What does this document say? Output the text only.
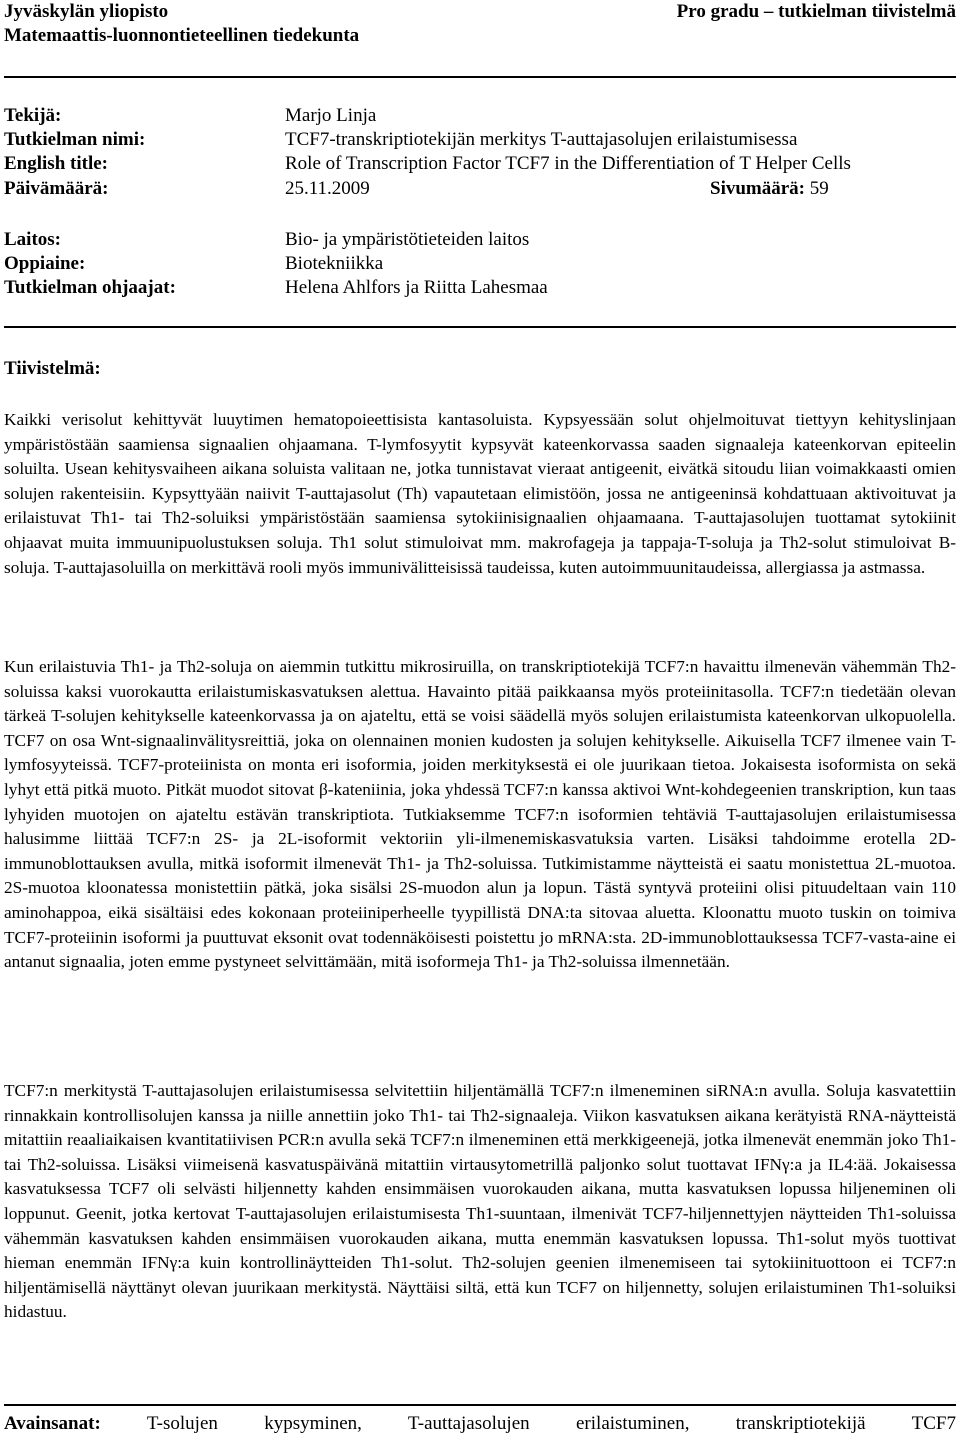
Jyväskylän yliopisto
Matemaattis-luonnontieteellinen tiedekunta
Pro gradu – tutkielman tiivistelmä
Tekijä:	Marjo Linja
Tutkielman nimi:	TCF7-transkriptiotekijän merkitys T-auttajasolujen erilaistumisessa
English title:	Role of Transcription Factor TCF7 in the Differentiation of T Helper Cells
Päivämäärä:	25.11.2009	Sivumäärä: 59
Laitos:	Bio- ja ympäristötieteiden laitos
Oppiaine:	Biotekniikka
Tutkielman ohjaajat:	Helena Ahlfors ja Riitta Lahesmaa
Tiivistelmä:

Kaikki verisolut kehittyvät luuytimen hematopoieettisista kantasoluista. Kypsyessään solut ohjelmoituvat tiettyyn kehityslinjaan ympäristöstään saamiensa signaalien ohjaamana. T-lymfosyytit kypsyvät kateenkorvassa saaden signaaleja kateenkorvan epiteelin soluilta. Usean kehitysvaiheen aikana soluista valitaan ne, jotka tunnistavat vieraat antigeenit, eivätkä sitoudu liian voimakkaasti omien solujen rakenteisiin. Kypsyttyään naiivit T-auttajasolut (Th) vapautetaan elimistöön, jossa ne antigeeninsä kohdattuaan aktivoituvat ja erilaistuvat Th1- tai Th2-soluiksi ympäristöstään saamiensa sytokiinisignaalien ohjaamaana. T-auttajasolujen tuottamat sytokiinit ohjaavat muita immuunipuolustuksen soluja. Th1 solut stimuloivat mm. makrofageja ja tappaja-T-soluja ja Th2-solut stimuloivat B-soluja. T-auttajasoluilla on merkittävä rooli myös immunivälitteisissä taudeissa, kuten autoimmuunitaudeissa, allergiassa ja astmassa.

Kun erilaistuvia Th1- ja Th2-soluja on aiemmin tutkittu mikrosiruilla, on transkriptiotekijä TCF7:n havaittu ilmenevän vähemmän Th2-soluissa kaksi vuorokautta erilaistumiskasvatuksen alettua. Havainto pitää paikkaansa myös proteiinitasolla. TCF7:n tiedetään olevan tärkeä T-solujen kehitykselle kateenkorvassa ja on ajateltu, että se voisi säädellä myös solujen erilaistumista kateenkorvan ulkopuolella. TCF7 on osa Wnt-signaalinvälitysreittiä, joka on olennainen monien kudosten ja solujen kehitykselle. Aikuisella TCF7 ilmenee vain T-lymfosyyteissä. TCF7-proteiinista on monta eri isoformia, joiden merkityksestä ei ole juurikaan tietoa. Jokaisesta isoformista on sekä lyhyt että pitkä muoto. Pitkät muodot sitovat β-kateniinia, joka yhdessä TCF7:n kanssa aktivoi Wnt-kohdegeenien transkription, kun taas lyhyiden muotojen on ajateltu estävän transkriptiota. Tutkiaksemme TCF7:n isoformien tehtäviä T-auttajasolujen erilaistumisessa halusimme liittää TCF7:n 2S- ja 2L-isoformit vektoriin yli-ilmenemiskasvatuksia varten. Lisäksi tahdoimme erotella 2D-immunoblottauksen avulla, mitkä isoformit ilmenevät Th1- ja Th2-soluissa. Tutkimistamme näytteistä ei saatu monistettua 2L-muotoa. 2S-muotoa kloonatessa monistettiin pätkä, joka sisälsi 2S-muodon alun ja lopun. Tästä syntyvä proteiini olisi pituudeltaan vain 110 aminohappoa, eikä sisältäisi edes kokonaan proteiiniperheelle tyypillistä DNA:ta sitovaa aluetta. Kloonattu muoto tuskin on toimiva TCF7-proteiinin isoformi ja puuttuvat eksonit ovat todennäköisesti poistettu jo mRNA:sta. 2D-immunoblottauksessa TCF7-vasta-aine ei antanut signaalia, joten emme pystyneet selvittämään, mitä isoformeja Th1- ja Th2-soluissa ilmennetään.

TCF7:n merkitystä T-auttajasolujen erilaistumisessa selvitettiin hiljentämällä TCF7:n ilmeneminen siRNA:n avulla. Soluja kasvatettiin rinnakkain kontrollisolujen kanssa ja niille annettiin joko Th1- tai Th2-signaaleja. Viikon kasvatuksen aikana kerätyistä RNA-näytteistä mitattiin reaaliaikaisen kvantitatiivisen PCR:n avulla sekä TCF7:n ilmeneminen että merkkigeenejä, jotka ilmenevät enemmän joko Th1- tai Th2-soluissa. Lisäksi viimeisenä kasvatuspäivänä mitattiin virtausytometrillä paljonko solut tuottavat IFNγ:a ja IL4:ää. Jokaisessa kasvatuksessa TCF7 oli selvästi hiljennetty kahden ensimmäisen vuorokauden aikana, mutta kasvatuksen lopussa hiljeneminen oli loppunut. Geenit, jotka kertovat T-auttajasolujen erilaistumisesta Th1-suuntaan, ilmenivät TCF7-hiljennettyjen näytteiden Th1-soluissa vähemmän kasvatuksen kahden ensimmäisen vuorokauden aikana, mutta enemmän kasvatuksen lopussa. Th1-solut myös tuottivat hieman enemmän IFNγ:a kuin kontrollinäytteiden Th1-solut. Th2-solujen geenien ilmenemiseen tai sytokiinituottoon ei TCF7:n hiljentämisellä näyttänyt olevan juurikaan merkitystä. Näyttäisi siltä, että kun TCF7 on hiljennetty, solujen erilaistuminen Th1-soluiksi hidastuu.

Avainsanat: T-solujen kypsyminen, T-auttajasolujen erilaistuminen, transkriptiotekijä TCF7
